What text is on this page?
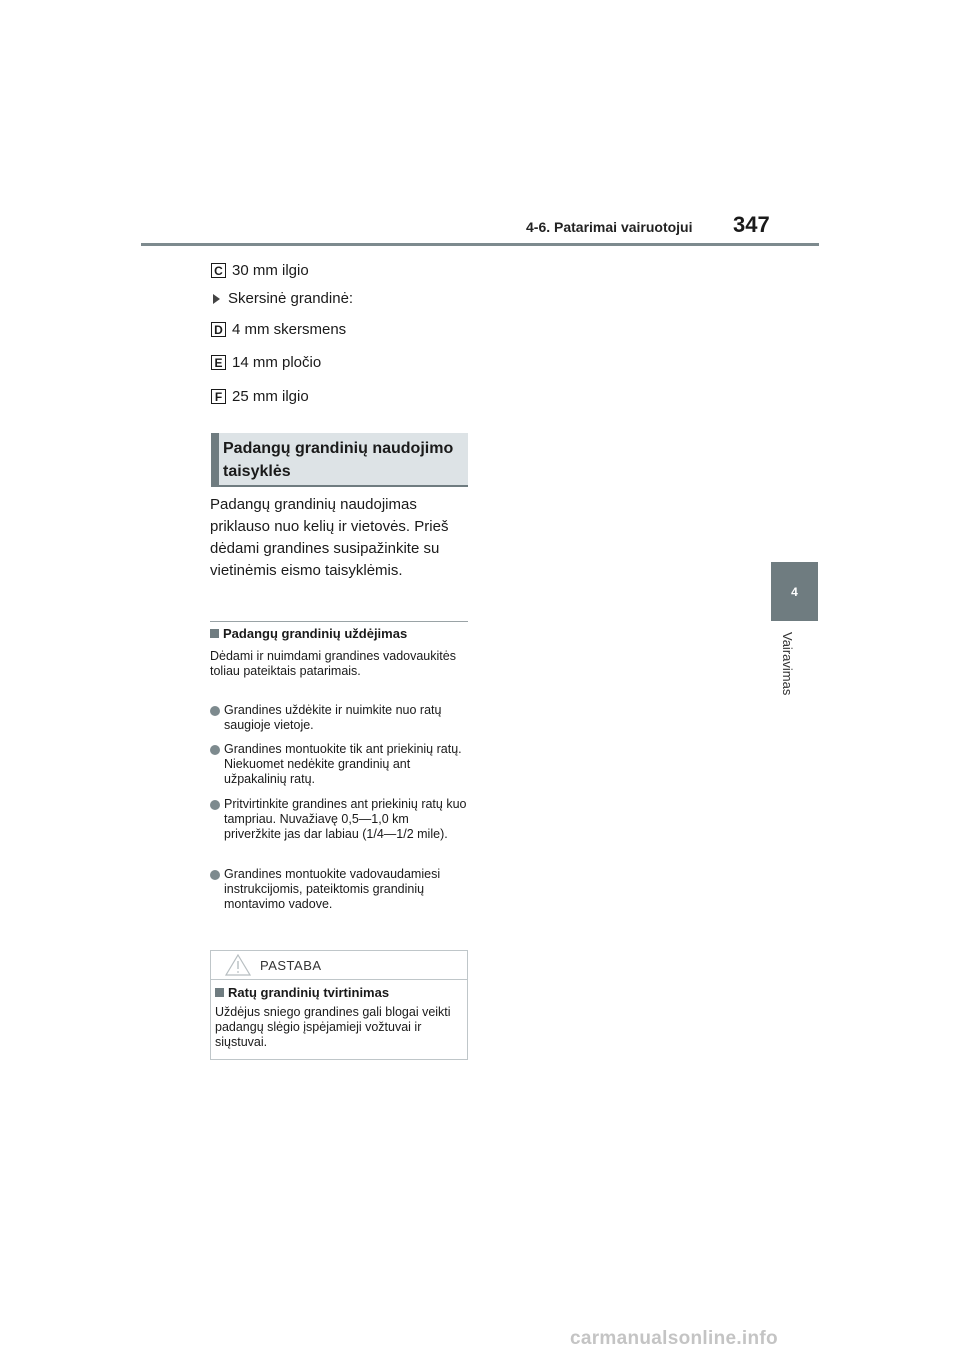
4-6. Patarimai vairuotojui 347
4
Vairavimas
C 30 mm ilgio
Skersinė grandinė:
D 4 mm skersmens
E 14 mm pločio
F 25 mm ilgio
Padangų grandinių naudojimo taisyklės

Padangų grandinių naudojimas priklauso nuo kelių ir vietovės. Prieš dėdami grandines susipažinkite su vietinėmis eismo taisyklėmis.

Padangų grandinių uždėjimas

Dėdami ir nuimdami grandines vadovaukitės toliau pateiktais patarimais.

Grandines uždėkite ir nuimkite nuo ratų saugioje vietoje.
Grandines montuokite tik ant priekinių ratų. Niekuomet nedėkite grandinių ant užpakalinių ratų.
Pritvirtinkite grandines ant priekinių ratų kuo tampriau. Nuvažiavę 0,5—1,0 km priveržkite jas dar labiau (1/4—1/2 mile).
Grandines montuokite vadovaudamiesi instrukcijomis, pateiktomis grandinių montavimo vadove.
PASTABA
Ratų grandinių tvirtinimas

Uždėjus sniego grandines gali blogai veikti padangų slėgio įspėjamieji vožtuvai ir siųstuvai.

carmanualsonline.info
